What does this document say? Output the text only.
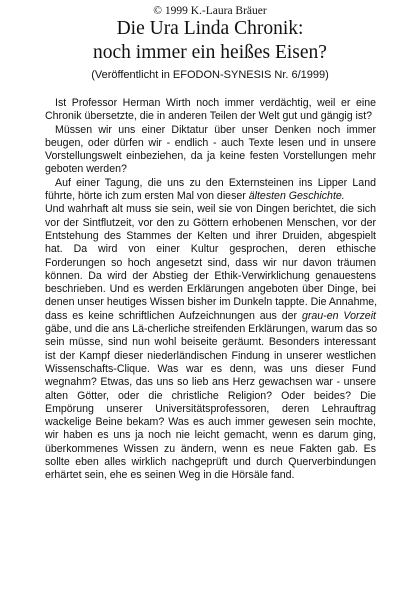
© 1999 K.-Laura Bräuer
Die Ura Linda Chronik:
noch immer ein heißes Eisen?
(Veröffentlicht in EFODON-SYNESIS Nr. 6/1999)
Ist Professor Herman Wirth noch immer verdächtig, weil er eine
Chronik übersetzte, die in anderen Teilen der Welt gut und gängig ist?
Müssen wir uns einer Diktatur über unser Denken noch immer
beugen, oder dürfen wir - endlich - auch Texte lesen und in unsere
Vorstellungswelt einbeziehen, da ja keine festen Vorstellungen mehr
geboten werden?
Auf einer Tagung, die uns zu den Externsteinen ins Lipper Land
führte, hörte ich zum ersten Mal von dieser ältesten Geschichte.
Und wahrhaft alt muss sie sein, weil sie von Dingen berichtet, die sich
vor der Sintflutzeit, vor den zu Göttern erhobenen Menschen, vor der
Entstehung des Stammes der Kelten und ihrer Druiden, abgespielt
hat. Da wird von einer Kultur gesprochen, deren ethische
Forderungen so hoch angesetzt sind, dass wir nur davon träumen
können. Da wird der Abstieg der Ethik-Verwirklichung genauestens
beschrieben. Und es werden Erklärungen angeboten über Dinge, bei
denen unser heutiges Wissen bisher im Dunkeln tappte. Die Annahme,
dass es keine schriftlichen Aufzeichnungen aus der grau-en Vorzeit
gäbe, und die ans Lä-cherliche streifenden Erklärungen, warum das so
sein müsse, sind nun wohl beiseite geräumt. Besonders interessant
ist der Kampf dieser niederländischen Findung in unserer westlichen
Wissenschafts-Clique. Was war es denn, was uns dieser Fund
wegnahm? Etwas, das uns so lieb ans Herz gewachsen war - unsere
alten Götter, oder die christliche Religion? Oder beides? Die
Empörung unserer Universitätsprofessoren, deren Lehrauftrag
wackelige Beine bekam? Was es auch immer gewesen sein mochte,
wir haben es uns ja noch nie leicht gemacht, wenn es darum ging,
überkommenes Wissen zu ändern, wenn es neue Fakten gab. Es
sollte eben alles wirklich nachgeprüft und durch Querverbindungen
erhärtet sein, ehe es seinen Weg in die Hörsäle fand.
